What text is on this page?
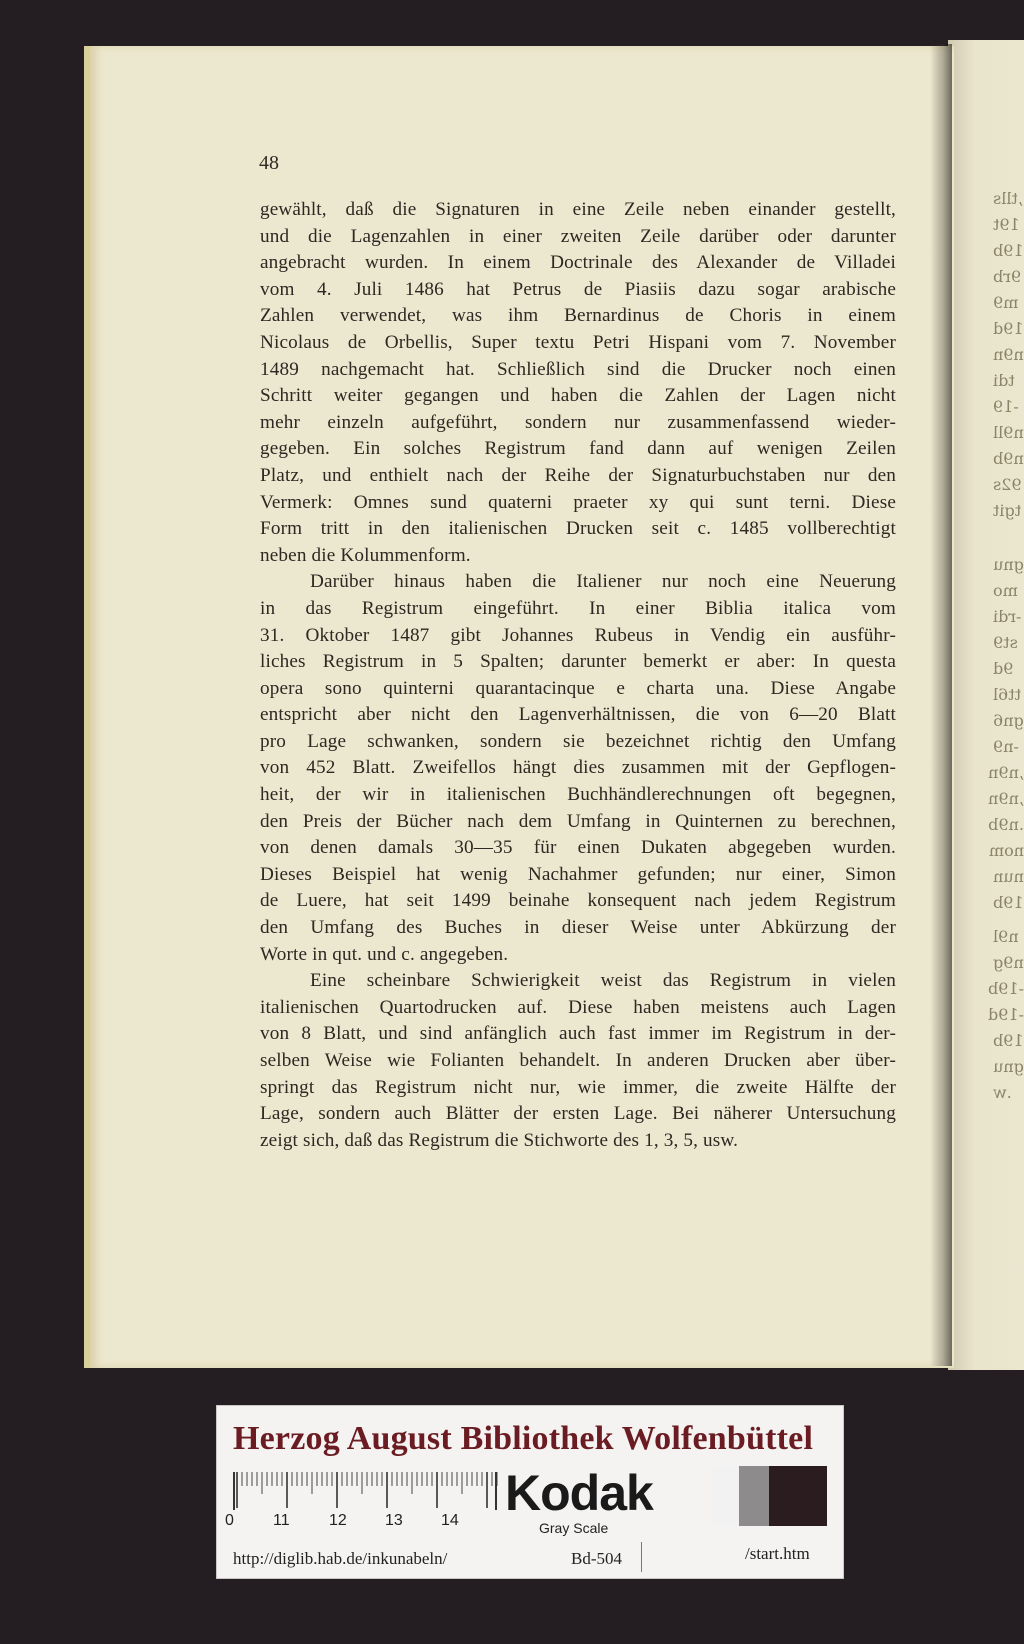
,tlls
19t
19b
9rb
m9
19d
n9n
tdi
-19
n9ll
n9b
92s
tgit
gnu
mo
-rdi
st9
9d
tt6l
gn6
-n9
,n9n
,n9n
.n9b
nom
nun
19b
n9l
n9g
-19b
-19d
19b
gnu
.w
48

gewählt, daß die Signaturen in eine Zeile neben einander gestellt,
und die Lagenzahlen in einer zweiten Zeile darüber oder darunter
angebracht wurden. In einem Doctrinale des Alexander de Villadei
vom 4. Juli 1486 hat Petrus de Piasiis dazu sogar arabische
Zahlen verwendet, was ihm Bernardinus de Choris in einem
Nicolaus de Orbellis, Super textu Petri Hispani vom 7. November
1489 nachgemacht hat. Schließlich sind die Drucker noch einen
Schritt weiter gegangen und haben die Zahlen der Lagen nicht
mehr einzeln aufgeführt, sondern nur zusammenfassend wieder-
gegeben. Ein solches Registrum fand dann auf wenigen Zeilen
Platz, und enthielt nach der Reihe der Signaturbuchstaben nur den
Vermerk: Omnes sund quaterni praeter xy qui sunt terni. Diese
Form tritt in den italienischen Drucken seit c. 1485 vollberechtigt
neben die Kolummenform.

Darüber hinaus haben die Italiener nur noch eine Neuerung
in das Registrum eingeführt. In einer Biblia italica vom
31. Oktober 1487 gibt Johannes Rubeus in Vendig ein ausführ-
liches Registrum in 5 Spalten; darunter bemerkt er aber: In questa
opera sono quinterni quarantacinque e charta una. Diese Angabe
entspricht aber nicht den Lagenverhältnissen, die von 6—20 Blatt
pro Lage schwanken, sondern sie bezeichnet richtig den Umfang
von 452 Blatt. Zweifellos hängt dies zusammen mit der Gepflogen-
heit, der wir in italienischen Buchhändlerechnungen oft begegnen,
den Preis der Bücher nach dem Umfang in Quinternen zu berechnen,
von denen damals 30—35 für einen Dukaten abgegeben wurden.
Dieses Beispiel hat wenig Nachahmer gefunden; nur einer, Simon
de Luere, hat seit 1499 beinahe konsequent nach jedem Registrum
den Umfang des Buches in dieser Weise unter Abkürzung der
Worte in qut. und c. angegeben.

Eine scheinbare Schwierigkeit weist das Registrum in vielen
italienischen Quartodrucken auf. Diese haben meistens auch Lagen
von 8 Blatt, und sind anfänglich auch fast immer im Registrum in der-
selben Weise wie Folianten behandelt. In anderen Drucken aber über-
springt das Registrum nicht nur, wie immer, die zweite Hälfte der
Lage, sondern auch Blätter der ersten Lage. Bei näherer Untersuchung
zeigt sich, daß das Registrum die Stichworte des 1, 3, 5, usw.

Herzog August Bibliothek Wolfenbüttel
0 11 12 13 14 Kodak
Gray Scale
http://diglib.hab.de/inkunabeln/	Bd-504	/start.htm
